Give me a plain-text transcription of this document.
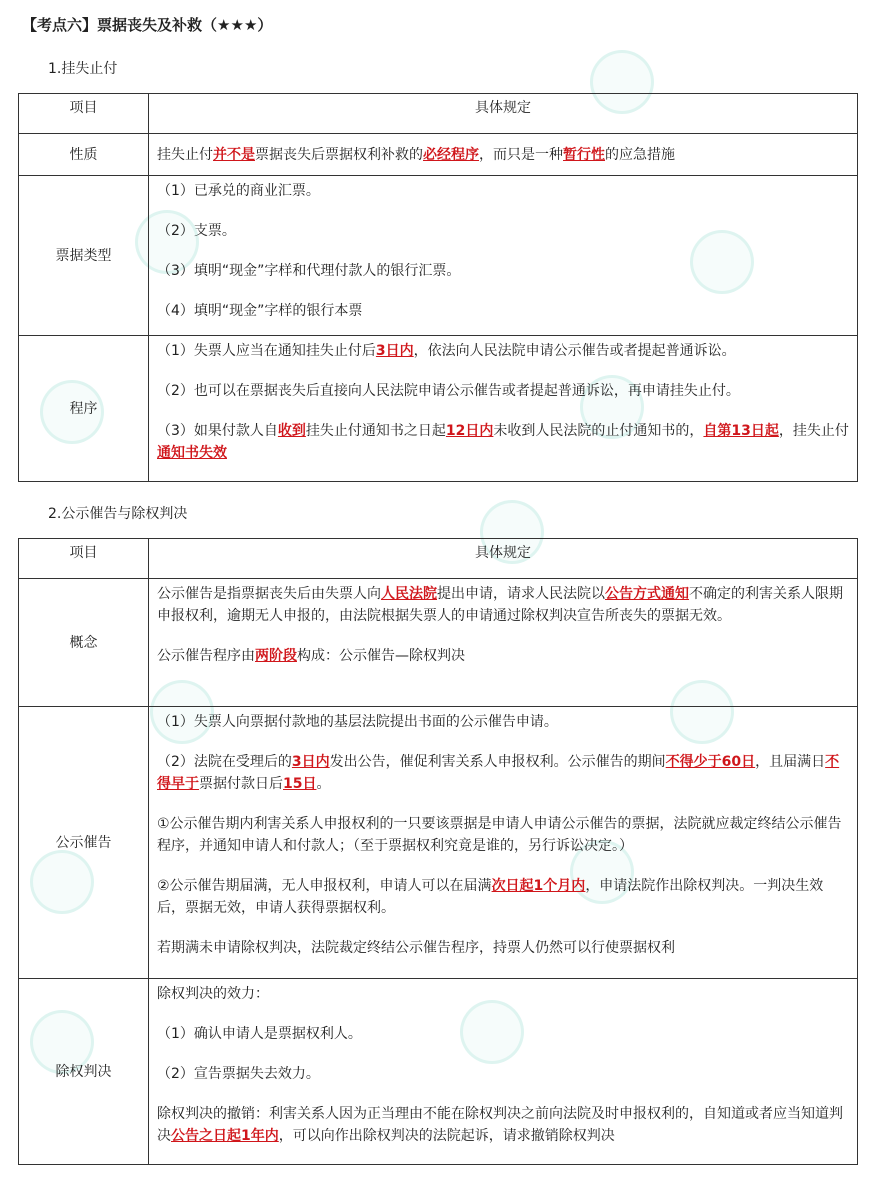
【考点六】票据丧失及补救（★★★）
1.挂失止付
项目	具体规定
性质	挂失止付并不是票据丧失后票据权利补救的必经程序，而只是一种暂行性的应急措施

票据类型	（1）已承兑的商业汇票。
（2）支票。
（3）填明“现金”字样和代理付款人的银行汇票。
（4）填明“现金”字样的银行本票

程序	（1）失票人应当在通知挂失止付后3日内，依法向人民法院申请公示催告或者提起普通诉讼。
（2）也可以在票据丧失后直接向人民法院申请公示催告或者提起普通诉讼，再申请挂失止付。
（3）如果付款人自收到挂失止付通知书之日起12日内未收到人民法院的止付通知书的，自第13日起，挂失止付通知书失效
2.公示催告与除权判决
项目	具体规定
概念	公示催告是指票据丧失后由失票人向人民法院提出申请，请求人民法院以公告方式通知不确定的利害关系人限期申报权利，逾期无人申报的，由法院根据失票人的申请通过除权判决宣告所丧失的票据无效。
公示催告程序由两阶段构成：公示催告—除权判决

公示催告	（1）失票人向票据付款地的基层法院提出书面的公示催告申请。
（2）法院在受理后的3日内发出公告，催促利害关系人申报权利。公示催告的期间不得少于60日，且届满日不得早于票据付款日后15日。
①公示催告期内利害关系人申报权利的一只要该票据是申请人申请公示催告的票据，法院就应裁定终结公示催告程序，并通知申请人和付款人；（至于票据权利究竟是谁的，另行诉讼决定。）
②公示催告期届满，无人申报权利，申请人可以在届满次日起1个月内，申请法院作出除权判决。一判决生效后，票据无效，申请人获得票据权利。
若期满未申请除权判决，法院裁定终结公示催告程序，持票人仍然可以行使票据权利

除权判决	除权判决的效力：
（1）确认申请人是票据权利人。
（2）宣告票据失去效力。
除权判决的撤销：利害关系人因为正当理由不能在除权判决之前向法院及时申报权利的，自知道或者应当知道判决公告之日起1年内，可以向作出除权判决的法院起诉，请求撤销除权判决
